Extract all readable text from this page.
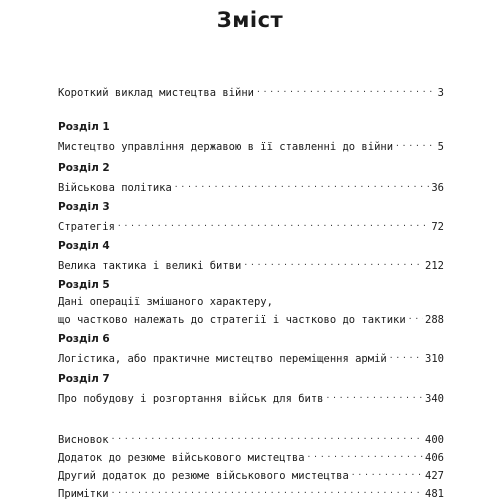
Зміст
Короткий виклад мистецтва війни . . .	3
Розділ 1
Мистецтво управління державою в її ставленні до війни . . .	5
Розділ 2
Військова політика . . .	36
Розділ 3
Стратегія . . .	72
Розділ 4
Велика тактика і великі битви . . .	212
Розділ 5
Дані операції змішаного характеру,
що частково належать до стратегії і частково до тактики . . . 288
Розділ 6
Логістика, або практичне мистецтво переміщення армій . . .	310
Розділ 7
Про побудову і розгортання військ для битв . . .	340
Висновок . . .	400
Додаток до резюме військового мистецтва . . .	406
Другий додаток до резюме військового мистецтва . . .	427
Примітки . . .	481
